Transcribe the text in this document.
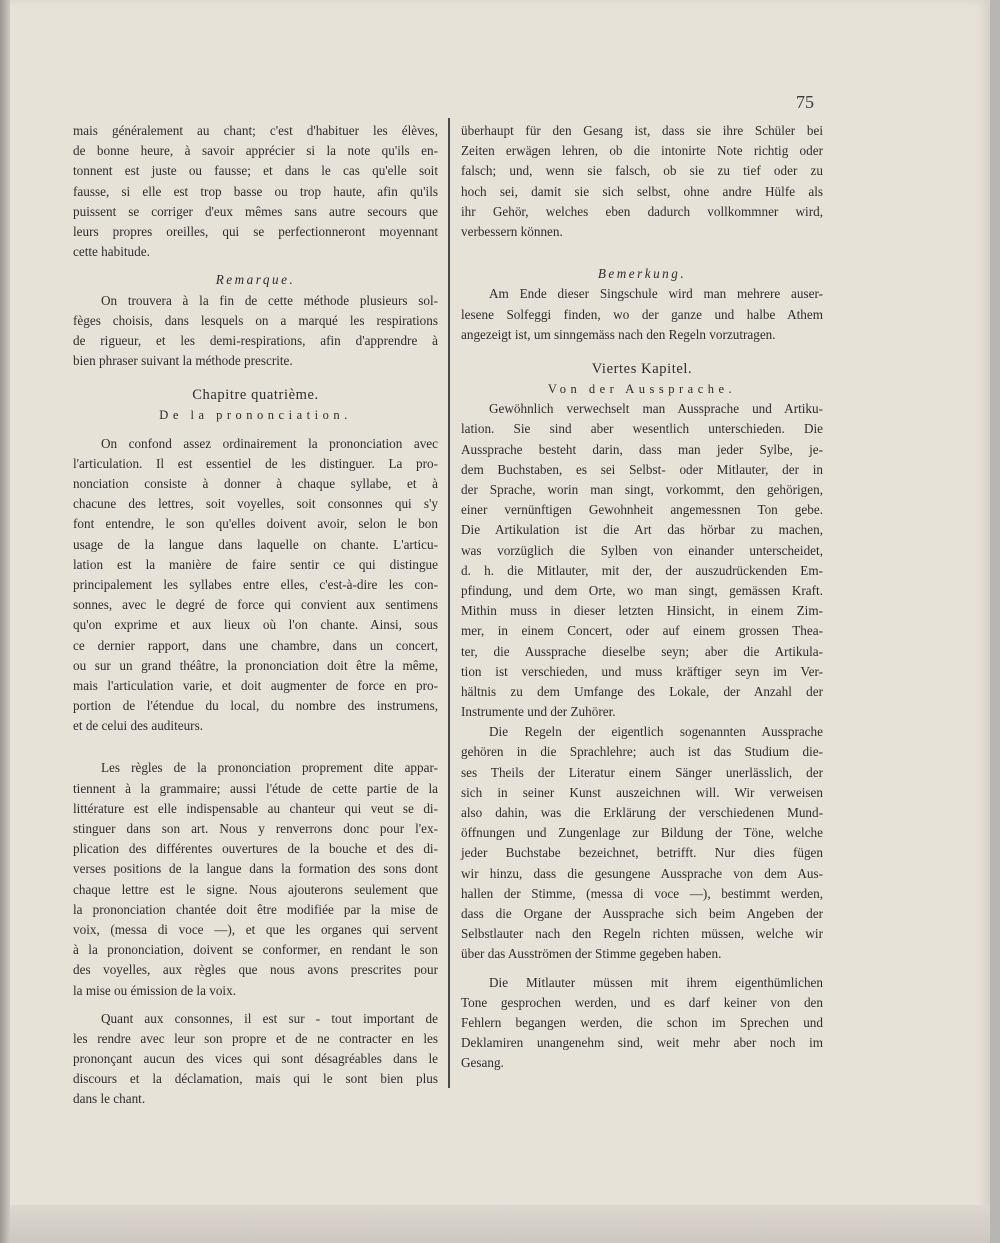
75
mais généralement au chant; c'est d'habituer les élèves,
de bonne heure, à savoir apprécier si la note qu'ils en-
tonnent est juste ou fausse; et dans le cas qu'elle soit
fausse, si elle est trop basse ou trop haute, afin qu'ils
puissent se corriger d'eux mêmes sans autre secours que
leurs propres oreilles, qui se perfectionneront moyennant
cette habitude.
Remarque.
On trouvera à la fin de cette méthode plusieurs sol-
fèges choisis, dans lesquels on a marqué les respirations
de rigueur, et les demi-respirations, afin d'apprendre à
bien phraser suivant la méthode prescrite.
Chapitre quatrième.
De la prononciation.
On confond assez ordinairement la prononciation avec
l'articulation. Il est essentiel de les distinguer. La pro-
nonciation consiste à donner à chaque syllabe, et à
chacune des lettres, soit voyelles, soit consonnes qui s'y
font entendre, le son qu'elles doivent avoir, selon le bon
usage de la langue dans laquelle on chante. L'articu-
lation est la manière de faire sentir ce qui distingue
principalement les syllabes entre elles, c'est-à-dire les con-
sonnes, avec le degré de force qui convient aux sentimens
qu'on exprime et aux lieux où l'on chante. Ainsi, sous
ce dernier rapport, dans une chambre, dans un concert,
ou sur un grand théâtre, la prononciation doit être la même,
mais l'articulation varie, et doit augmenter de force en pro-
portion de l'étendue du local, du nombre des instrumens,
et de celui des auditeurs.
Les règles de la prononciation proprement dite appar-
tiennent à la grammaire; aussi l'étude de cette partie de la
littérature est elle indispensable au chanteur qui veut se di-
stinguer dans son art. Nous y renverrons donc pour l'ex-
plication des différentes ouvertures de la bouche et des di-
verses positions de la langue dans la formation des sons dont
chaque lettre est le signe. Nous ajouterons seulement que
la prononciation chantée doit être modifiée par la mise de
voix, (messa di voce —), et que les organes qui servent
à la prononciation, doivent se conformer, en rendant le son
des voyelles, aux règles que nous avons prescrites pour
la mise ou émission de la voix.
Quant aux consonnes, il est sur - tout important de
les rendre avec leur son propre et de ne contracter en les
prononçant aucun des vices qui sont désagréables dans le
discours et la déclamation, mais qui le sont bien plus
dans le chant.
überhaupt für den Gesang ist, dass sie ihre Schüler bei
Zeiten erwägen lehren, ob die intonirte Note richtig oder
falsch; und, wenn sie falsch, ob sie zu tief oder zu
hoch sei, damit sie sich selbst, ohne andre Hülfe als
ihr Gehör, welches eben dadurch vollkommner wird,
verbessern können.
Bemerkung.
Am Ende dieser Singschule wird man mehrere auser-
lesene Solfeggi finden, wo der ganze und halbe Athem
angezeigt ist, um sinngemäss nach den Regeln vorzutragen.
Viertes Kapitel.
Von der Aussprache.
Gewöhnlich verwechselt man Aussprache und Artiku-
lation. Sie sind aber wesentlich unterschieden. Die
Aussprache besteht darin, dass man jeder Sylbe, je-
dem Buchstaben, es sei Selbst- oder Mitlauter, der in
der Sprache, worin man singt, vorkommt, den gehörigen,
einer vernünftigen Gewohnheit angemessnen Ton gebe.
Die Artikulation ist die Art das hörbar zu machen,
was vorzüglich die Sylben von einander unterscheidet,
d. h. die Mitlauter, mit der, der auszudrückenden Em-
pfindung, und dem Orte, wo man singt, gemässen Kraft.
Mithin muss in dieser letzten Hinsicht, in einem Zim-
mer, in einem Concert, oder auf einem grossen Thea-
ter, die Aussprache dieselbe seyn; aber die Artikula-
tion ist verschieden, und muss kräftiger seyn im Ver-
hältnis zu dem Umfange des Lokale, der Anzahl der
Instrumente und der Zuhörer.
Die Regeln der eigentlich sogenannten Aussprache
gehören in die Sprachlehre; auch ist das Studium die-
ses Theils der Literatur einem Sänger unerlässlich, der
sich in seiner Kunst auszeichnen will. Wir verweisen
also dahin, was die Erklärung der verschiedenen Mund-
öffnungen und Zungenlage zur Bildung der Töne, welche
jeder Buchstabe bezeichnet, betrifft. Nur dies fügen
wir hinzu, dass die gesungene Aussprache von dem Aus-
hallen der Stimme, (messa di voce —), bestimmt werden,
dass die Organe der Aussprache sich beim Angeben der
Selbstlauter nach den Regeln richten müssen, welche wir
über das Ausströmen der Stimme gegeben haben.
Die Mitlauter müssen mit ihrem eigenthümlichen
Tone gesprochen werden, und es darf keiner von den
Fehlern begangen werden, die schon im Sprechen und
Deklamiren unangenehm sind, weit mehr aber noch im
Gesang.
